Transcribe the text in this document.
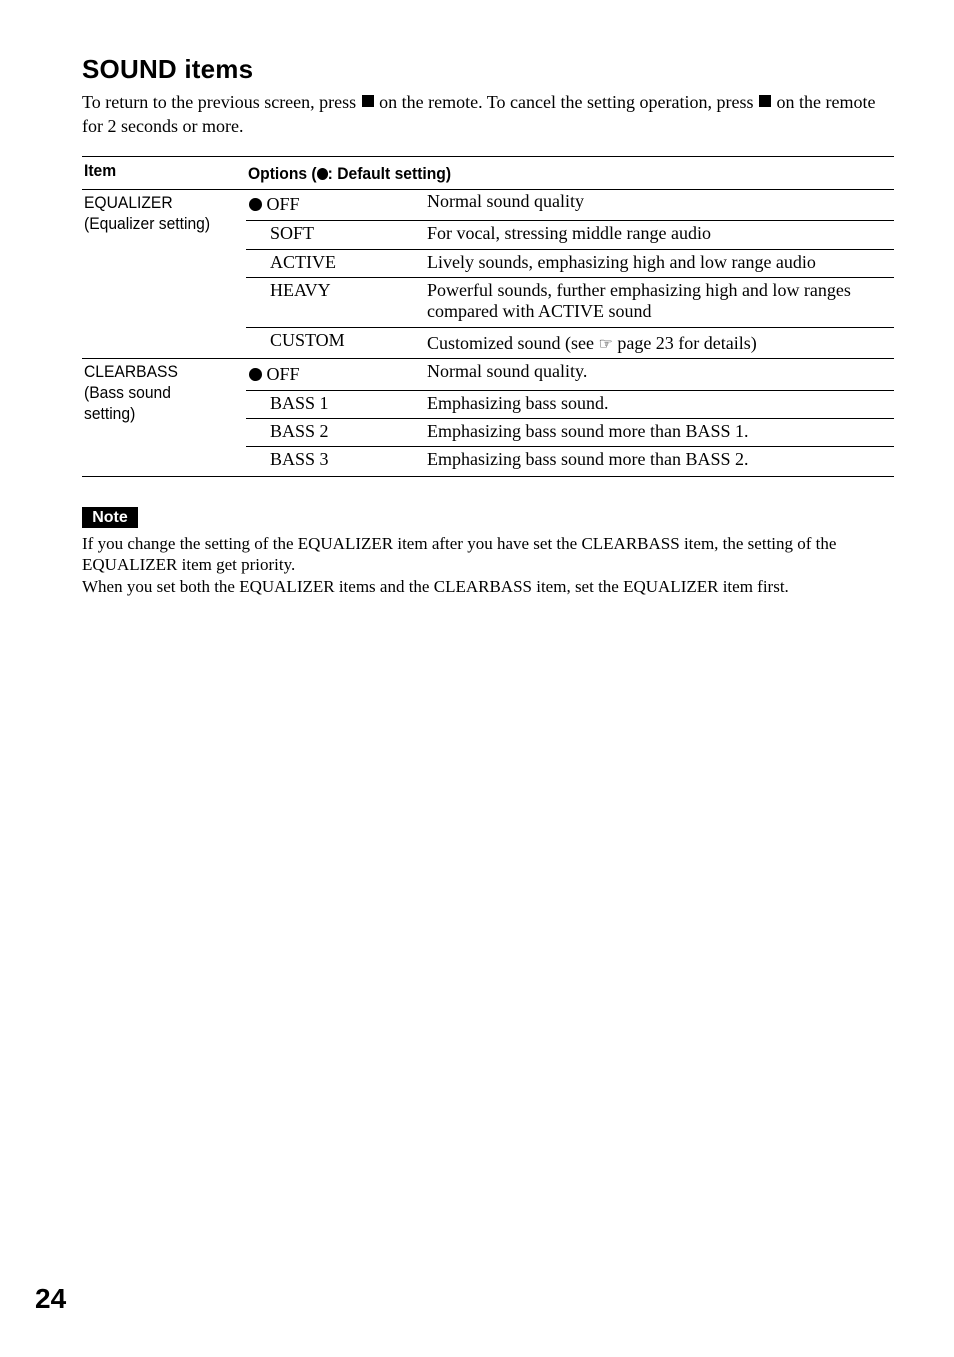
SOUND items

To return to the previous screen, press on the remote. To cancel the setting operation, press on the remote for 2 seconds or more.

Item	Options ( : Default setting)
EQUALIZER
(Equalizer setting)
OFF	Normal sound quality
SOFT	For vocal, stressing middle range audio
ACTIVE	Lively sounds, emphasizing high and low range audio
HEAVY	Powerful sounds, further emphasizing high and low ranges compared with ACTIVE sound
CUSTOM	Customized sound (see ☞ page 23 for details)
CLEARBASS
(Bass sound
setting)
OFF	Normal sound quality.
BASS 1	Emphasizing bass sound.
BASS 2	Emphasizing bass sound more than BASS 1.
BASS 3	Emphasizing bass sound more than BASS 2.
Note

If you change the setting of the EQUALIZER item after you have set the CLEARBASS item, the setting of the EQUALIZER item get priority.

When you set both the EQUALIZER items and the CLEARBASS item, set the EQUALIZER item first.

24
